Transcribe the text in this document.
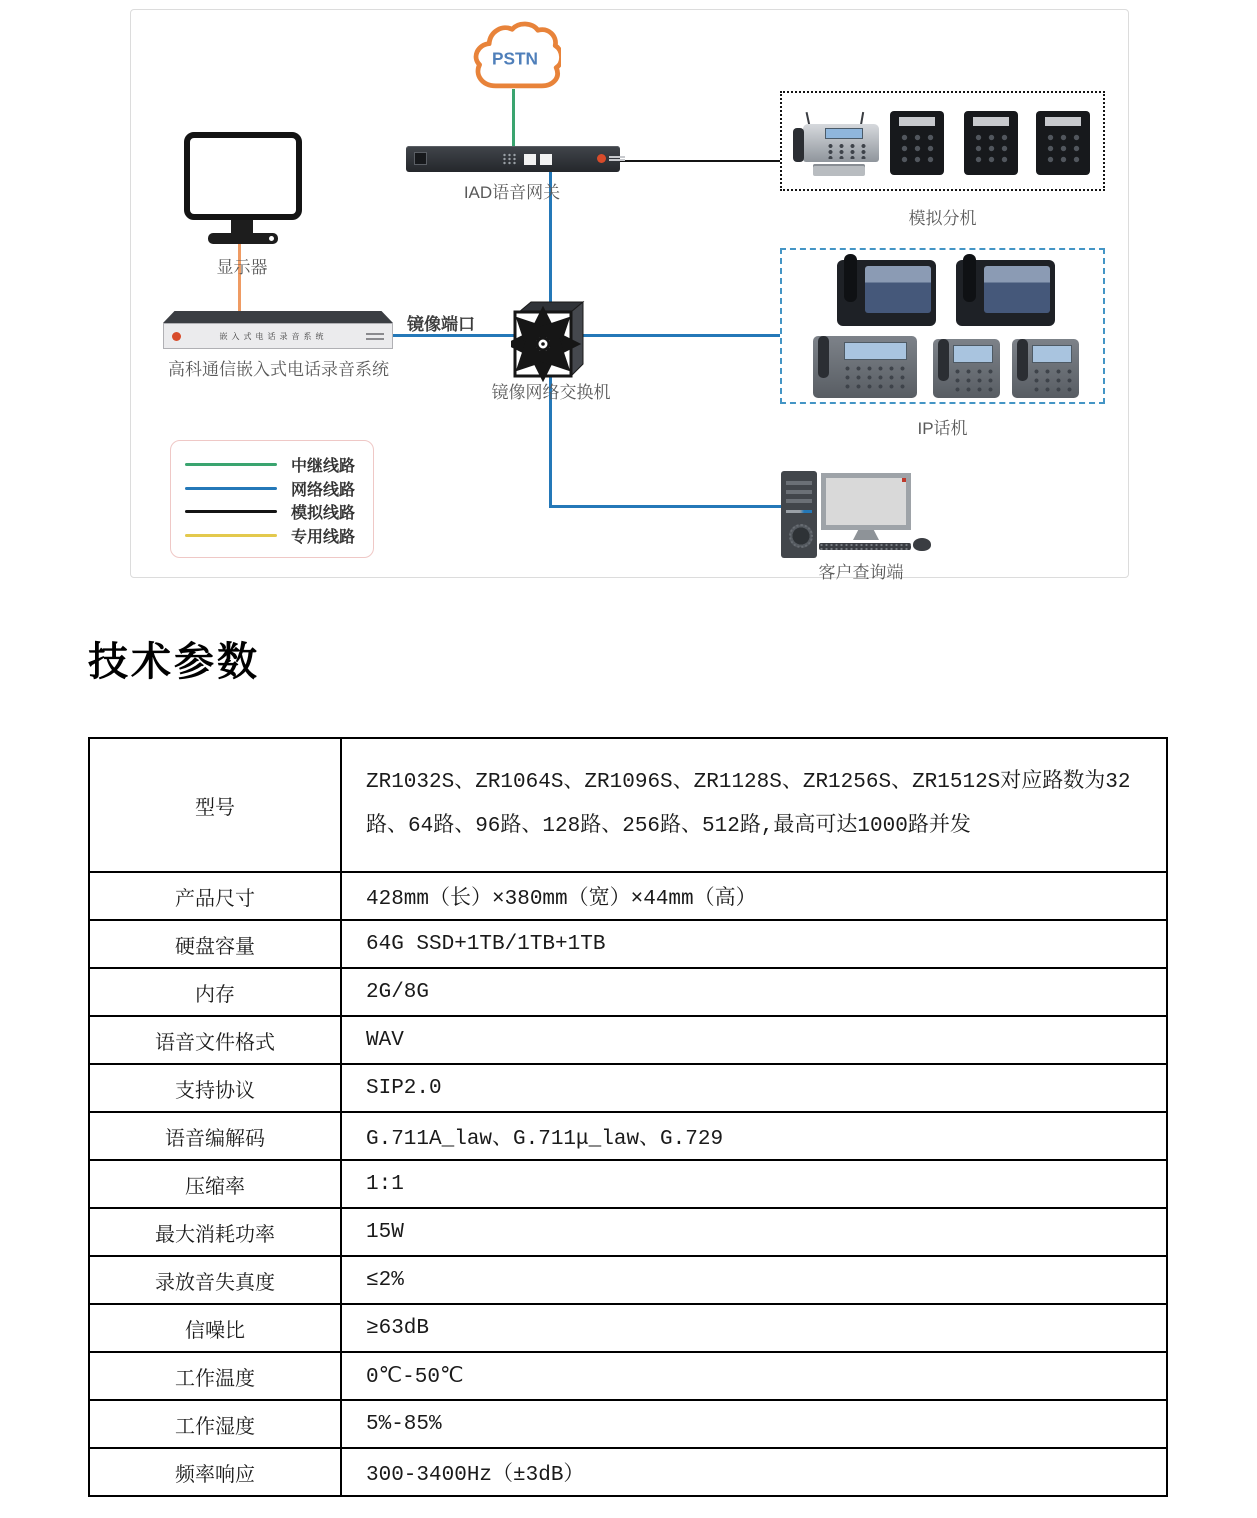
PSTN
IAD语音网关
显示器
嵌入式电话录音系统
高科通信嵌入式电话录音系统
镜像端口
镜像网络交换机
模拟分机
IP话机
客户查询端
中继线路
网络线路
模拟线路
专用线路
技术参数
型号	ZR1032S、ZR1064S、ZR1096S、ZR1128S、ZR1256S、ZR1512S对应路数为32路、64路、96路、128路、256路、512路,最高可达1000路并发
产品尺寸	428mm（长）×380mm（宽）×44mm（高）
硬盘容量	64G SSD+1TB/1TB+1TB
内存	2G/8G
语音文件格式	WAV
支持协议	SIP2.0
语音编解码	G.711A_law、G.711μ_law、G.729
压缩率	1:1
最大消耗功率	15W
录放音失真度	≤2%
信噪比	≥63dB
工作温度	0℃-50℃
工作湿度	5%-85%
频率响应	300-3400Hz（±3dB）
